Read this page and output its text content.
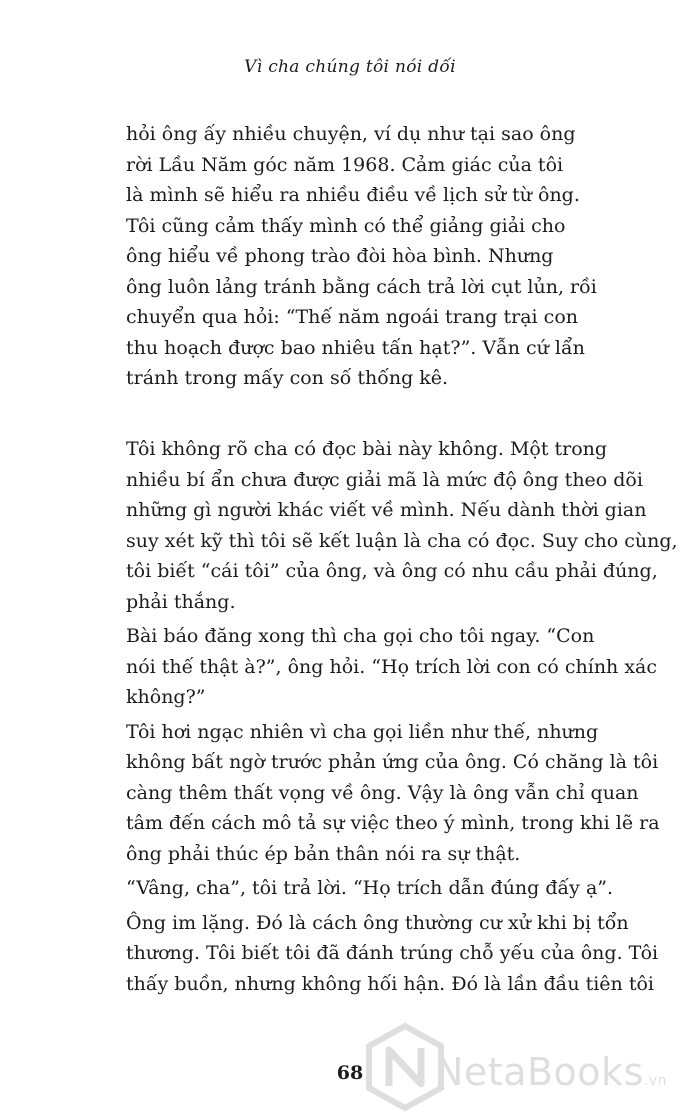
Vì cha chúng tôi nói dối

hỏi ông ấy nhiều chuyện, ví dụ như tại sao ông
rời Lầu Năm góc năm 1968. Cảm giác của tôi
là mình sẽ hiểu ra nhiều điều về lịch sử từ ông.
Tôi cũng cảm thấy mình có thể giảng giải cho
ông hiểu về phong trào đòi hòa bình. Nhưng
ông luôn lảng tránh bằng cách trả lời cụt lủn, rồi
chuyển qua hỏi: “Thế năm ngoái trang trại con
thu hoạch được bao nhiêu tấn hạt?”. Vẫn cứ lẩn
tránh trong mấy con số thống kê.

Tôi không rõ cha có đọc bài này không. Một trong
nhiều bí ẩn chưa được giải mã là mức độ ông theo dõi
những gì người khác viết về mình. Nếu dành thời gian
suy xét kỹ thì tôi sẽ kết luận là cha có đọc. Suy cho cùng,
tôi biết “cái tôi” của ông, và ông có nhu cầu phải đúng,
phải thắng.

Bài báo đăng xong thì cha gọi cho tôi ngay. “Con
nói thế thật à?”, ông hỏi. “Họ trích lời con có chính xác
không?”

Tôi hơi ngạc nhiên vì cha gọi liền như thế, nhưng
không bất ngờ trước phản ứng của ông. Có chăng là tôi
càng thêm thất vọng về ông. Vậy là ông vẫn chỉ quan
tâm đến cách mô tả sự việc theo ý mình, trong khi lẽ ra
ông phải thúc ép bản thân nói ra sự thật.

“Vâng, cha”, tôi trả lời. “Họ trích dẫn đúng đấy ạ”.

Ông im lặng. Đó là cách ông thường cư xử khi bị tổn
thương. Tôi biết tôi đã đánh trúng chỗ yếu của ông. Tôi
thấy buồn, nhưng không hối hận. Đó là lần đầu tiên tôi

68	NetaBooks.vn
